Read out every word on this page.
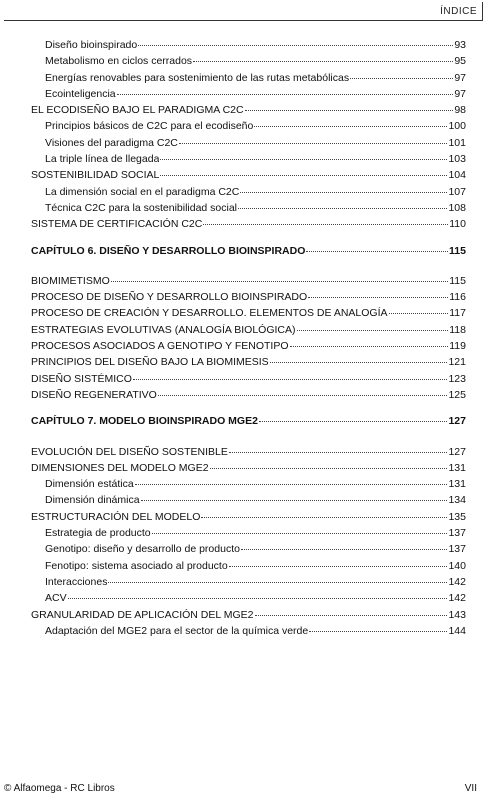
ÍNDICE
Diseño bioinspirado	93
Metabolismo en ciclos cerrados	95
Energías renovables para sostenimiento de las rutas metabólicas	97
Ecointeligencia	97
EL ECODISEÑO BAJO EL PARADIGMA C2C	98
Principios básicos de C2C para el ecodiseño	100
Visiones del paradigma C2C	101
La triple línea de llegada	103
SOSTENIBILIDAD SOCIAL	104
La dimensión social en el paradigma C2C	107
Técnica C2C para la sostenibilidad social	108
SISTEMA DE CERTIFICACIÓN C2C	110
CAPÍTULO 6. DISEÑO Y DESARROLLO BIOINSPIRADO	115
BIOMIMETISMO	115
PROCESO DE DISEÑO Y DESARROLLO BIOINSPIRADO	116
PROCESO DE CREACIÓN Y DESARROLLO. ELEMENTOS DE ANALOGÍA	117
ESTRATEGIAS EVOLUTIVAS (ANALOGÍA BIOLÓGICA)	118
PROCESOS ASOCIADOS A GENOTIPO Y FENOTIPO	119
PRINCIPIOS DEL DISEÑO BAJO LA BIOMIMESIS	121
DISEÑO SISTÉMICO	123
DISEÑO REGENERATIVO	125
CAPÍTULO 7. MODELO BIOINSPIRADO MGE2	127
EVOLUCIÓN DEL DISEÑO SOSTENIBLE	127
DIMENSIONES DEL MODELO MGE2	131
Dimensión estática	131
Dimensión dinámica	134
ESTRUCTURACIÓN DEL MODELO	135
Estrategia de producto	137
Genotipo: diseño y desarrollo de producto	137
Fenotipo: sistema asociado al producto	140
Interacciones	142
ACV	142
GRANULARIDAD DE APLICACIÓN DEL MGE2	143
Adaptación del MGE2 para el sector de la química verde	144
© Alfaomega - RC Libros	VII
